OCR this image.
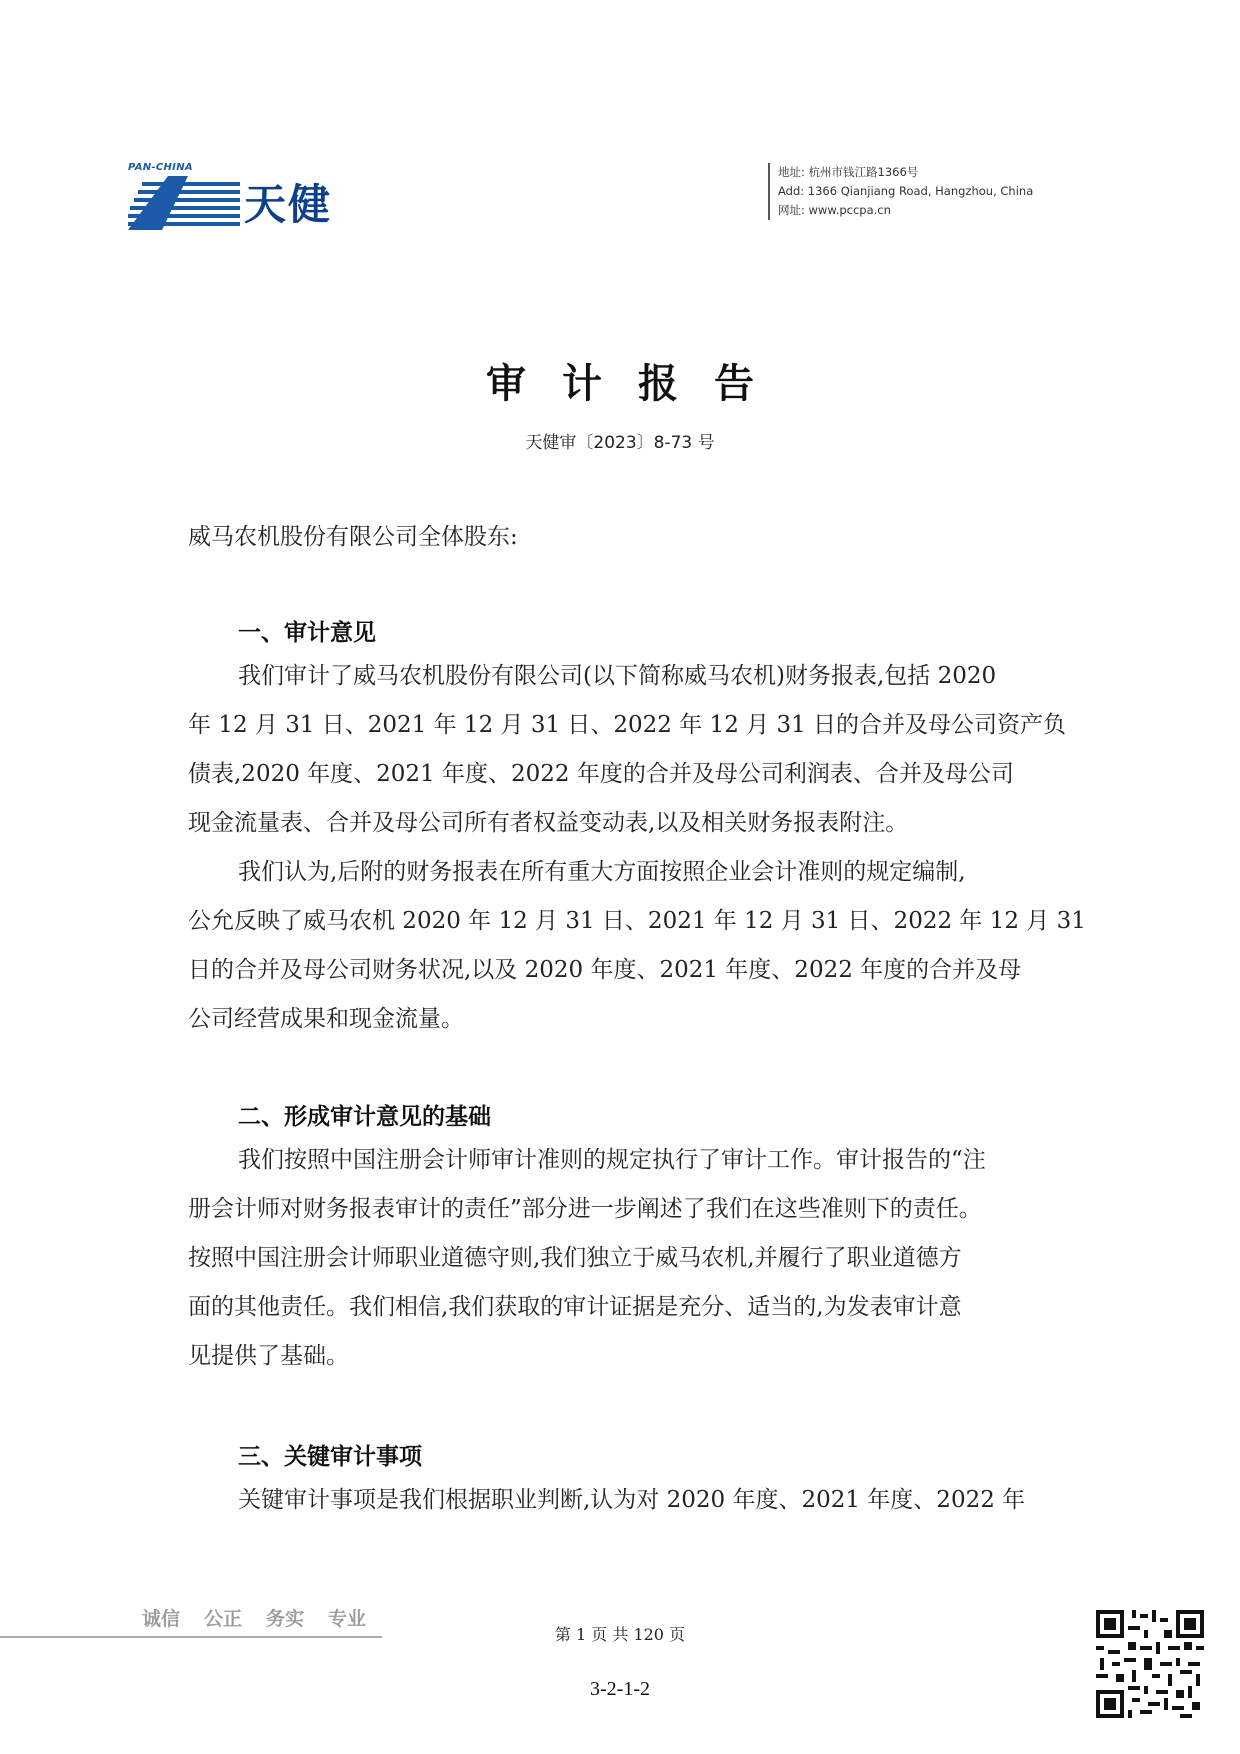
PAN-CHINA
天健
地址: 杭州市钱江路1366号
Add: 1366 Qianjiang Road, Hangzhou, China
网址: www.pccpa.cn
审计报告
天健审〔2023〕8-73 号
威马农机股份有限公司全体股东:
一、审计意见
我们审计了威马农机股份有限公司(以下简称威马农机)财务报表,包括 2020
年 12 月 31 日、2021 年 12 月 31 日、2022 年 12 月 31 日的合并及母公司资产负
债表,2020 年度、2021 年度、2022 年度的合并及母公司利润表、合并及母公司
现金流量表、合并及母公司所有者权益变动表,以及相关财务报表附注。
我们认为,后附的财务报表在所有重大方面按照企业会计准则的规定编制,
公允反映了威马农机 2020 年 12 月 31 日、2021 年 12 月 31 日、2022 年 12 月 31
日的合并及母公司财务状况,以及 2020 年度、2021 年度、2022 年度的合并及母
公司经营成果和现金流量。
二、形成审计意见的基础
我们按照中国注册会计师审计准则的规定执行了审计工作。审计报告的“注
册会计师对财务报表审计的责任”部分进一步阐述了我们在这些准则下的责任。
按照中国注册会计师职业道德守则,我们独立于威马农机,并履行了职业道德方
面的其他责任。我们相信,我们获取的审计证据是充分、适当的,为发表审计意
见提供了基础。
三、关键审计事项
关键审计事项是我们根据职业判断,认为对 2020 年度、2021 年度、2022 年
诚信 公正 务实 专业
第 1 页 共 120 页
3-2-1-2
